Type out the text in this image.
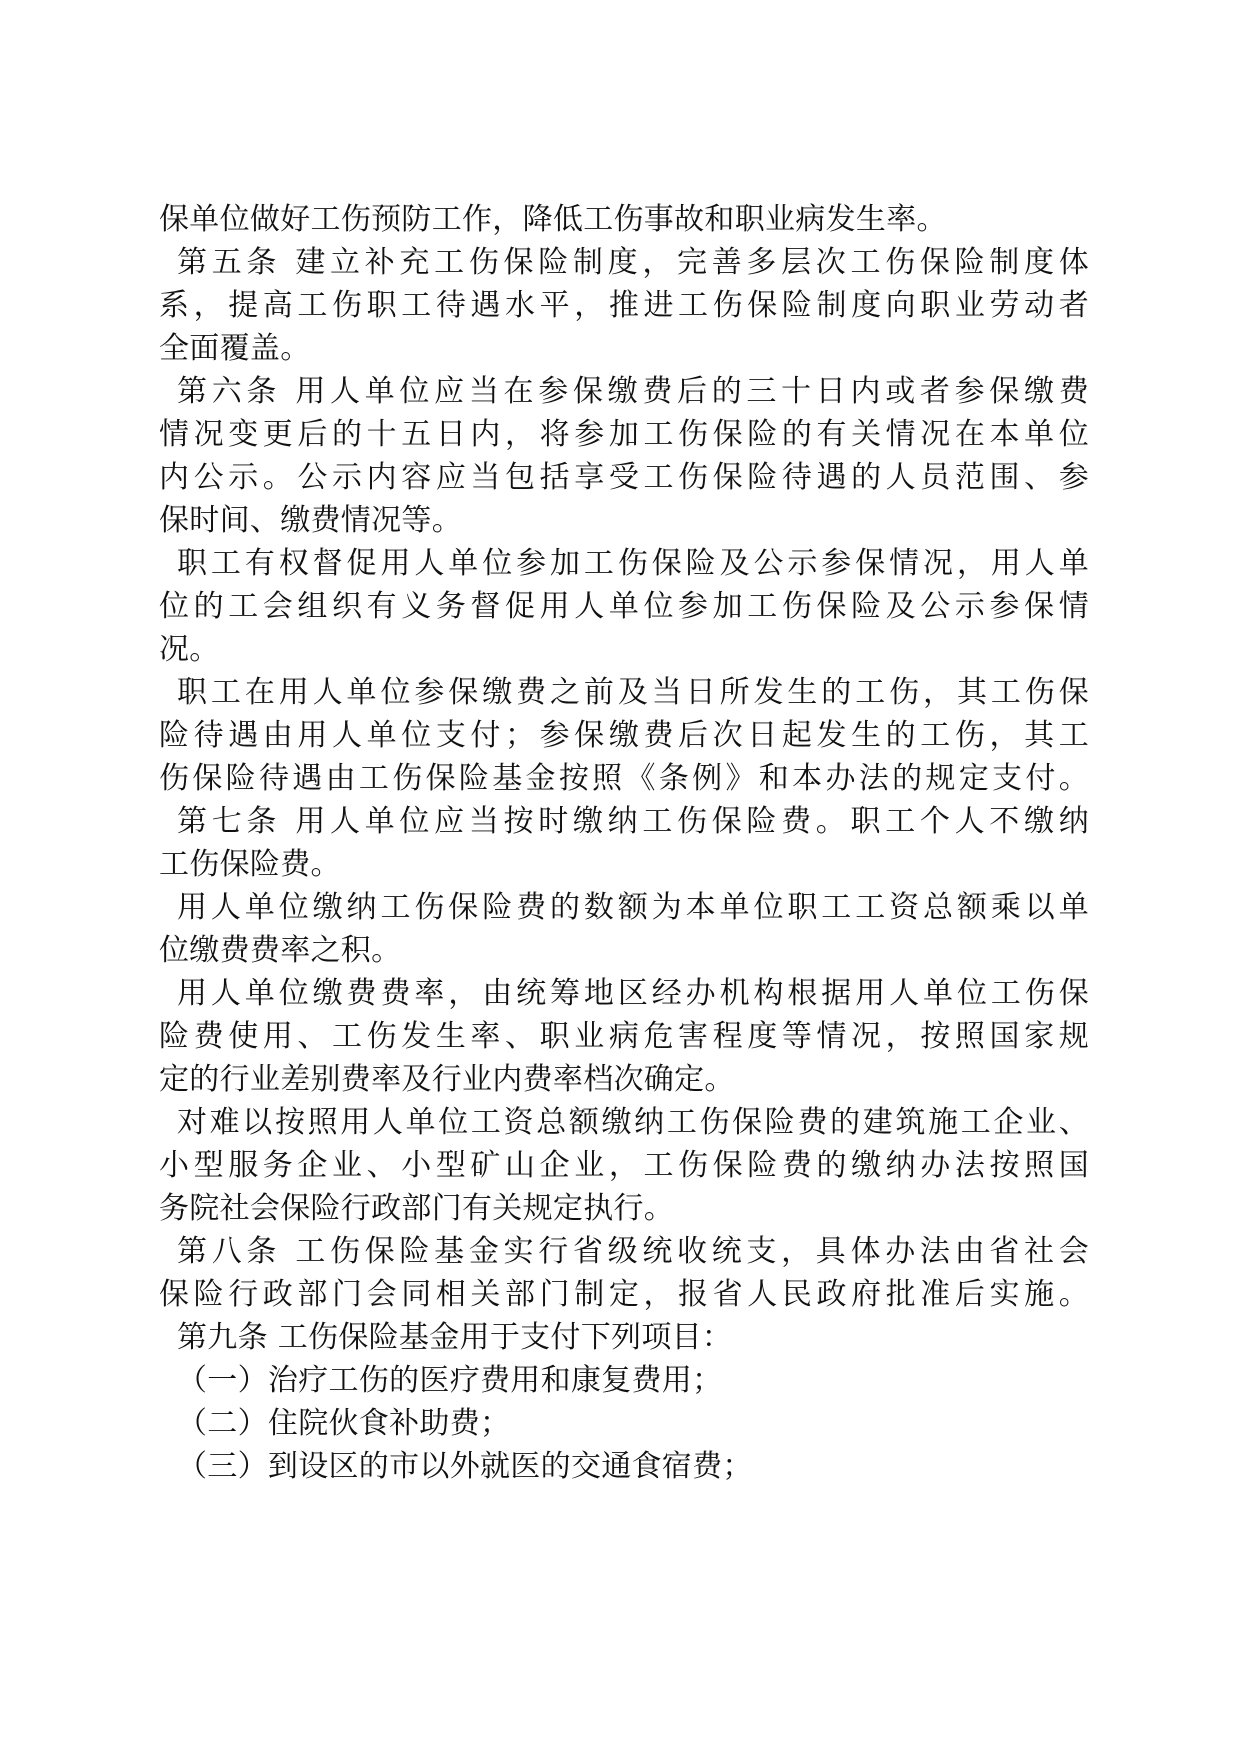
保单位做好工伤预防工作，降低工伤事故和职业病发生率。
第五条 建立补充工伤保险制度，完善多层次工伤保险制度体
系，提高工伤职工待遇水平，推进工伤保险制度向职业劳动者
全面覆盖。
第六条 用人单位应当在参保缴费后的三十日内或者参保缴费
情况变更后的十五日内，将参加工伤保险的有关情况在本单位
内公示。公示内容应当包括享受工伤保险待遇的人员范围、参
保时间、缴费情况等。
职工有权督促用人单位参加工伤保险及公示参保情况，用人单
位的工会组织有义务督促用人单位参加工伤保险及公示参保情
况。
职工在用人单位参保缴费之前及当日所发生的工伤，其工伤保
险待遇由用人单位支付；参保缴费后次日起发生的工伤，其工
伤保险待遇由工伤保险基金按照《条例》和本办法的规定支付。
第七条 用人单位应当按时缴纳工伤保险费。职工个人不缴纳
工伤保险费。
用人单位缴纳工伤保险费的数额为本单位职工工资总额乘以单
位缴费费率之积。
用人单位缴费费率，由统筹地区经办机构根据用人单位工伤保
险费使用、工伤发生率、职业病危害程度等情况，按照国家规
定的行业差别费率及行业内费率档次确定。
对难以按照用人单位工资总额缴纳工伤保险费的建筑施工企业、
小型服务企业、小型矿山企业，工伤保险费的缴纳办法按照国
务院社会保险行政部门有关规定执行。
第八条 工伤保险基金实行省级统收统支，具体办法由省社会
保险行政部门会同相关部门制定，报省人民政府批准后实施。
第九条 工伤保险基金用于支付下列项目：
（一）治疗工伤的医疗费用和康复费用；
（二）住院伙食补助费；
（三）到设区的市以外就医的交通食宿费；
